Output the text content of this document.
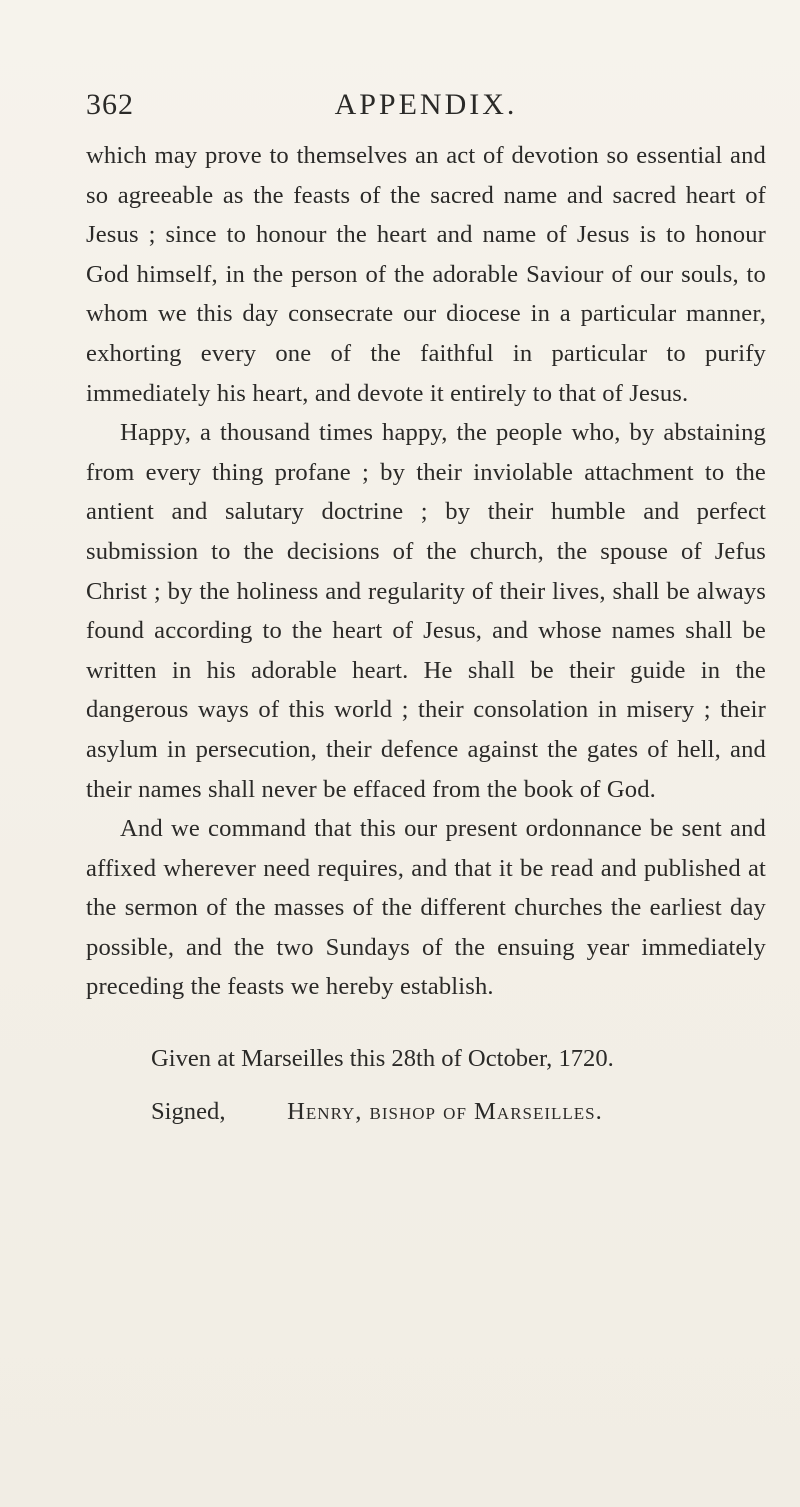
362	APPENDIX.

which may prove to themselves an act of devotion so essential and so agreeable as the feasts of the sacred name and sacred heart of Jesus ; since to honour the heart and name of Jesus is to honour God himself, in the person of the adorable Saviour of our souls, to whom we this day consecrate our diocese in a particular manner, exhorting every one of the faithful in particular to purify immediately his heart, and devote it entirely to that of Jesus.

Happy, a thousand times happy, the people who, by abstaining from every thing profane ; by their inviolable attachment to the antient and salutary doctrine ; by their humble and perfect submission to the decisions of the church, the spouse of Jefus Christ ; by the holiness and regularity of their lives, shall be always found according to the heart of Jesus, and whose names shall be written in his adorable heart. He shall be their guide in the dangerous ways of this world ; their consolation in misery ; their asylum in persecution, their defence against the gates of hell, and their names shall never be effaced from the book of God.

And we command that this our present ordonnance be sent and affixed wherever need requires, and that it be read and published at the sermon of the masses of the different churches the earliest day possible, and the two Sundays of the ensuing year immediately preceding the feasts we hereby establish.

Given at Marseilles this 28th of October, 1720.
Signed,	Henry, bishop of Marseilles.
